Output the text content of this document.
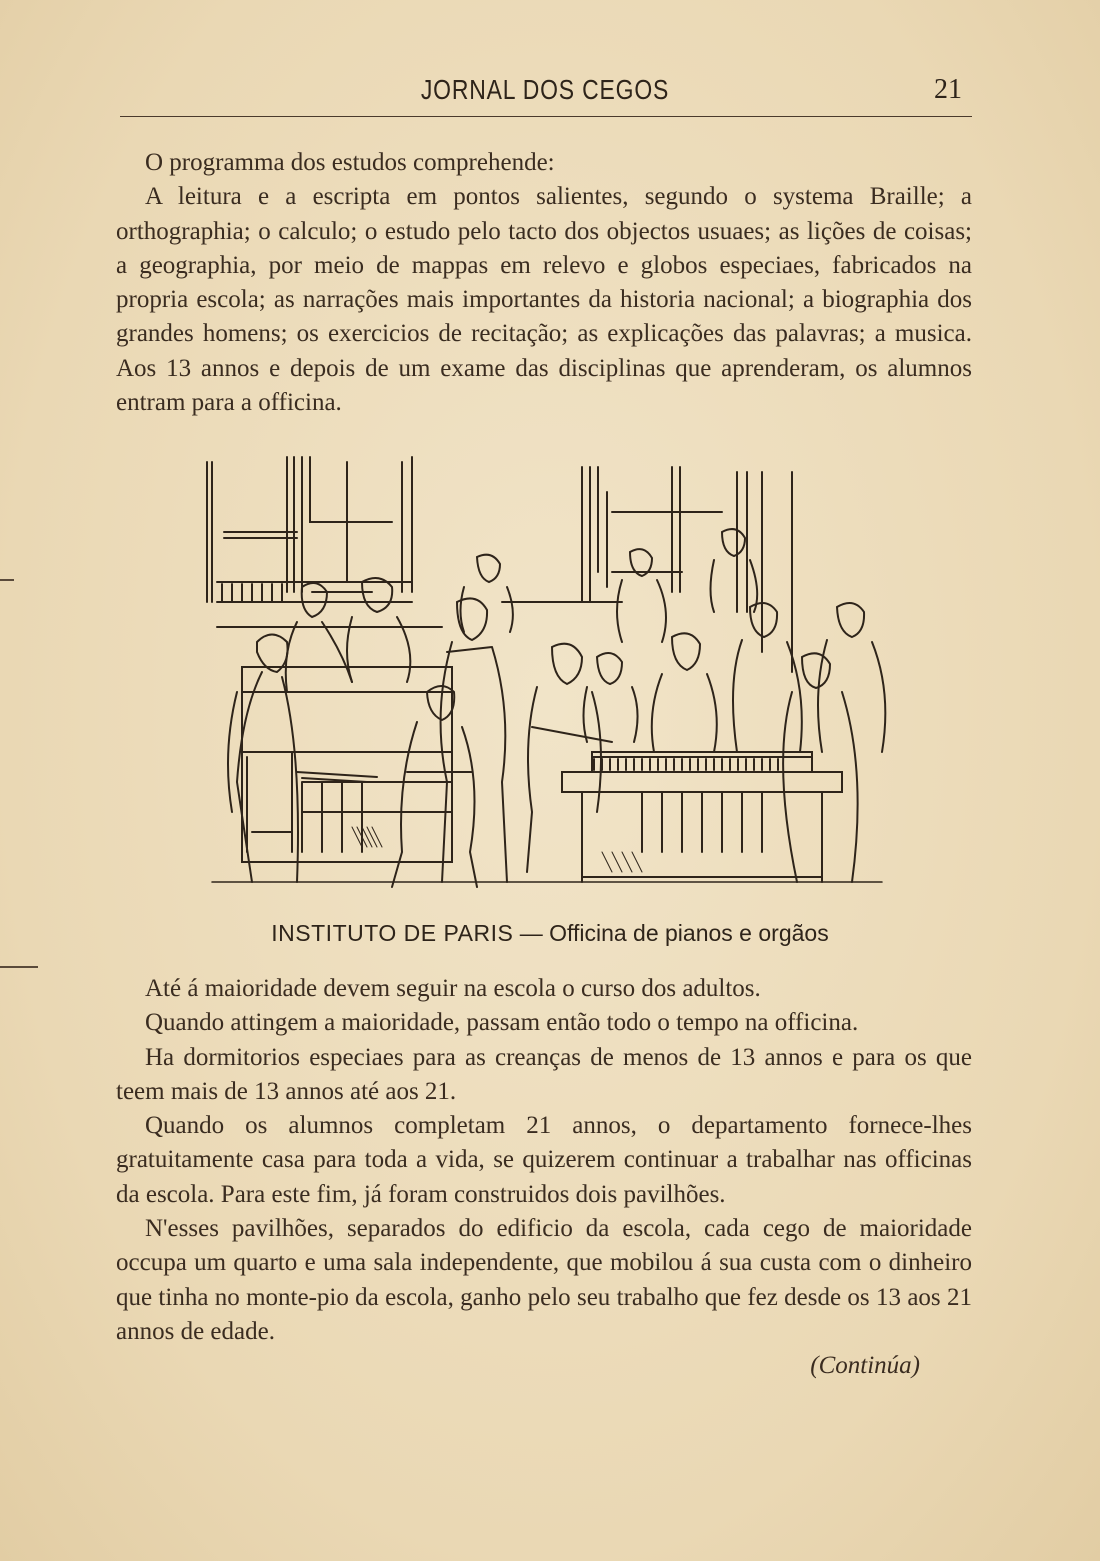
JORNAL DOS CEGOS	21

O programma dos estudos comprehende:

A leitura e a escripta em pontos salientes, segundo o systema Braille; a orthographia; o calculo; o estudo pelo tacto dos objectos usuaes; as lições de coisas; a geographia, por meio de mappas em relevo e globos especiaes, fabricados na propria escola; as narrações mais importantes da historia nacional; a biographia dos grandes homens; os exercicios de recitação; as explicações das palavras; a musica. Aos 13 annos e depois de um exame das disciplinas que aprenderam, os alumnos entram para a officina.

INSTITUTO DE PARIS — Officina de pianos e orgãos

Até á maioridade devem seguir na escola o curso dos adultos.

Quando attingem a maioridade, passam então todo o tempo na officina.

Ha dormitorios especiaes para as creanças de menos de 13 annos e para os que teem mais de 13 annos até aos 21.

Quando os alumnos completam 21 annos, o departamento fornece-lhes gratuitamente casa para toda a vida, se quizerem continuar a trabalhar nas officinas da escola. Para este fim, já foram construidos dois pavilhões.

N'esses pavilhões, separados do edificio da escola, cada cego de maioridade occupa um quarto e uma sala independente, que mobilou á sua custa com o dinheiro que tinha no monte-pio da escola, ganho pelo seu trabalho que fez desde os 13 aos 21 annos de edade.

(Continúa)
